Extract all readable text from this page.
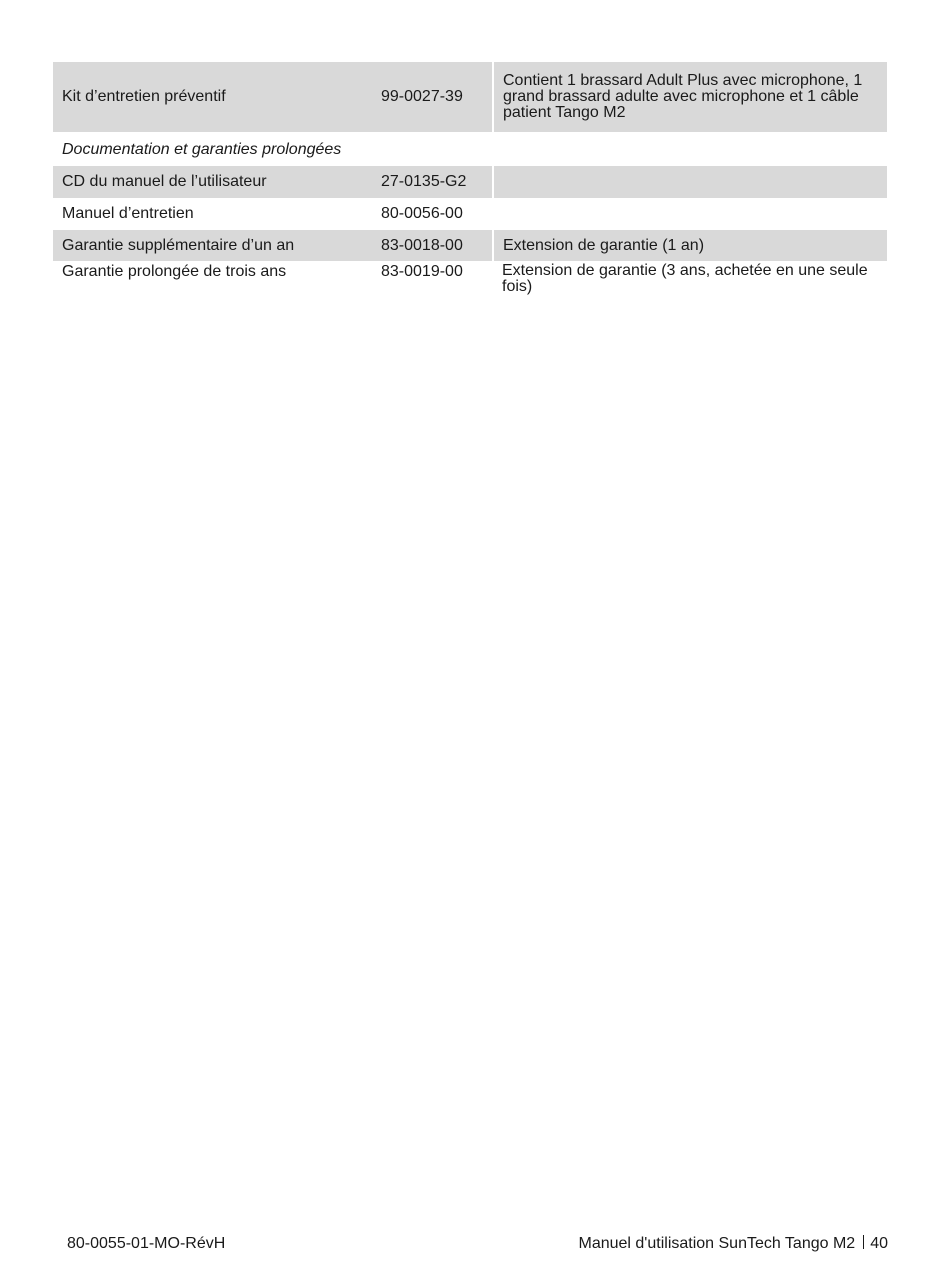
Kit d’entretien préventif	99-0027-39	Contient 1 brassard Adult Plus avec microphone, 1 grand brassard adulte avec microphone et 1 câble patient Tango M2
Documentation et garanties prolongées		
CD du manuel de l’utilisateur	27-0135-G2	
Manuel d’entretien	80-0056-00	
Garantie supplémentaire d’un an	83-0018-00	Extension de garantie (1 an)
Garantie prolongée de trois ans	83-0019-00	Extension de garantie (3 ans, achetée en une seule fois)
80-0055-01-MO-RévH	Manuel d'utilisation SunTech Tango M2 40
